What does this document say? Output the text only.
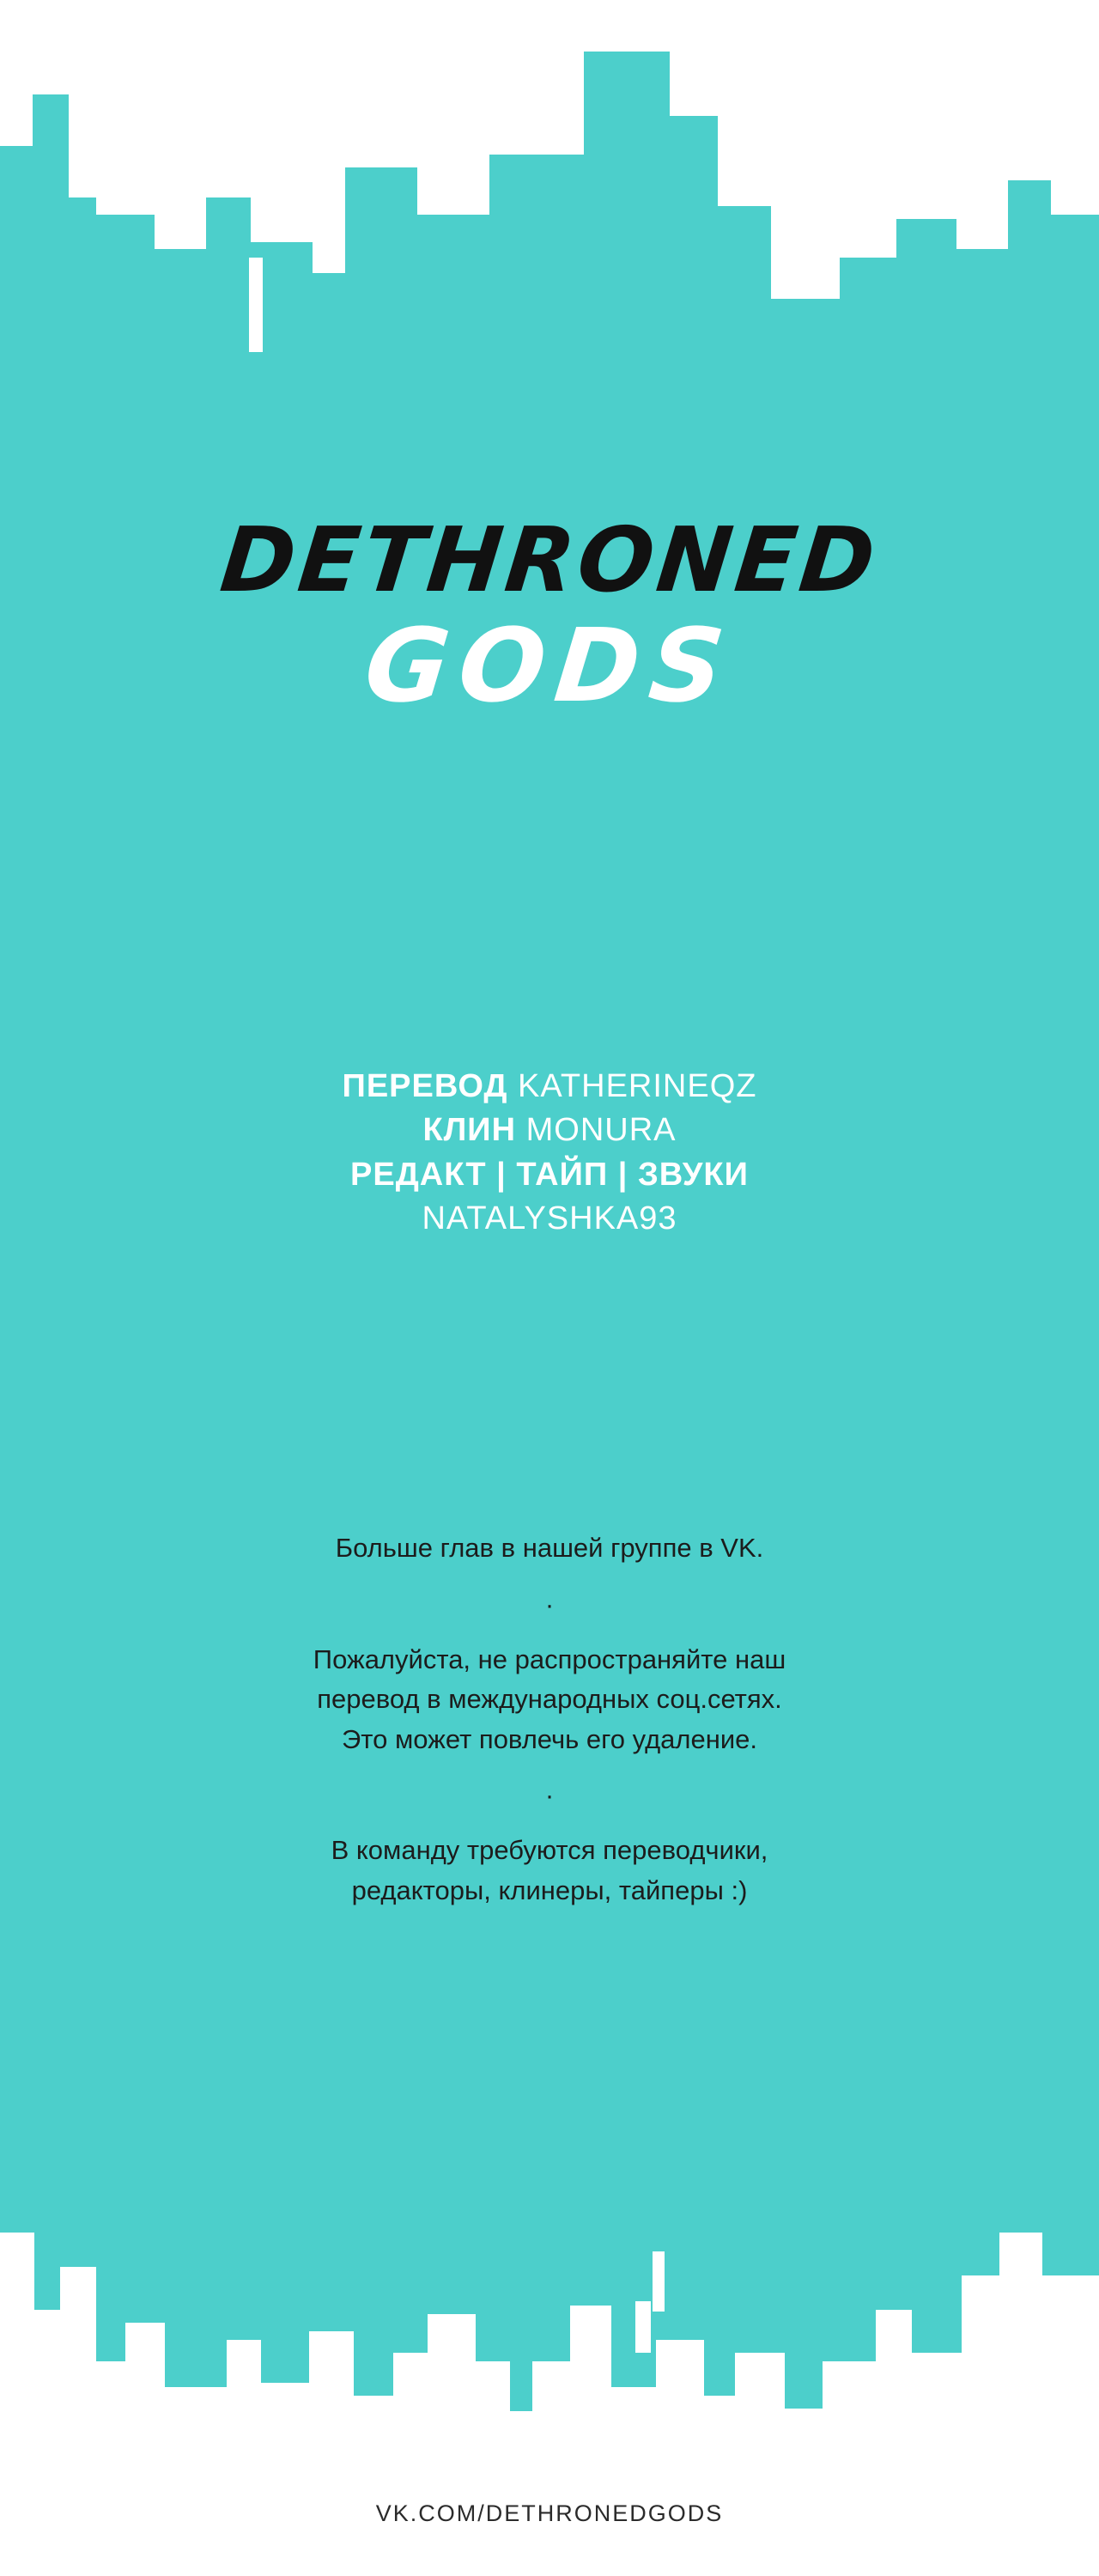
DETHRONED
GODS
ПЕРЕВОД KATHERINEQZ
КЛИН MONURA
РЕДАКТ | ТАЙП | ЗВУКИ
NATALYSHKA93

Больше глав в нашей группе в VK.

·

Пожалуйста, не распространяйте наш

перевод в международных соц.сетях.

Это может повлечь его удаление.

·

В команду требуются переводчики,

редакторы, клинеры, тайперы :)

VK.COM/DETHRONEDGODS
